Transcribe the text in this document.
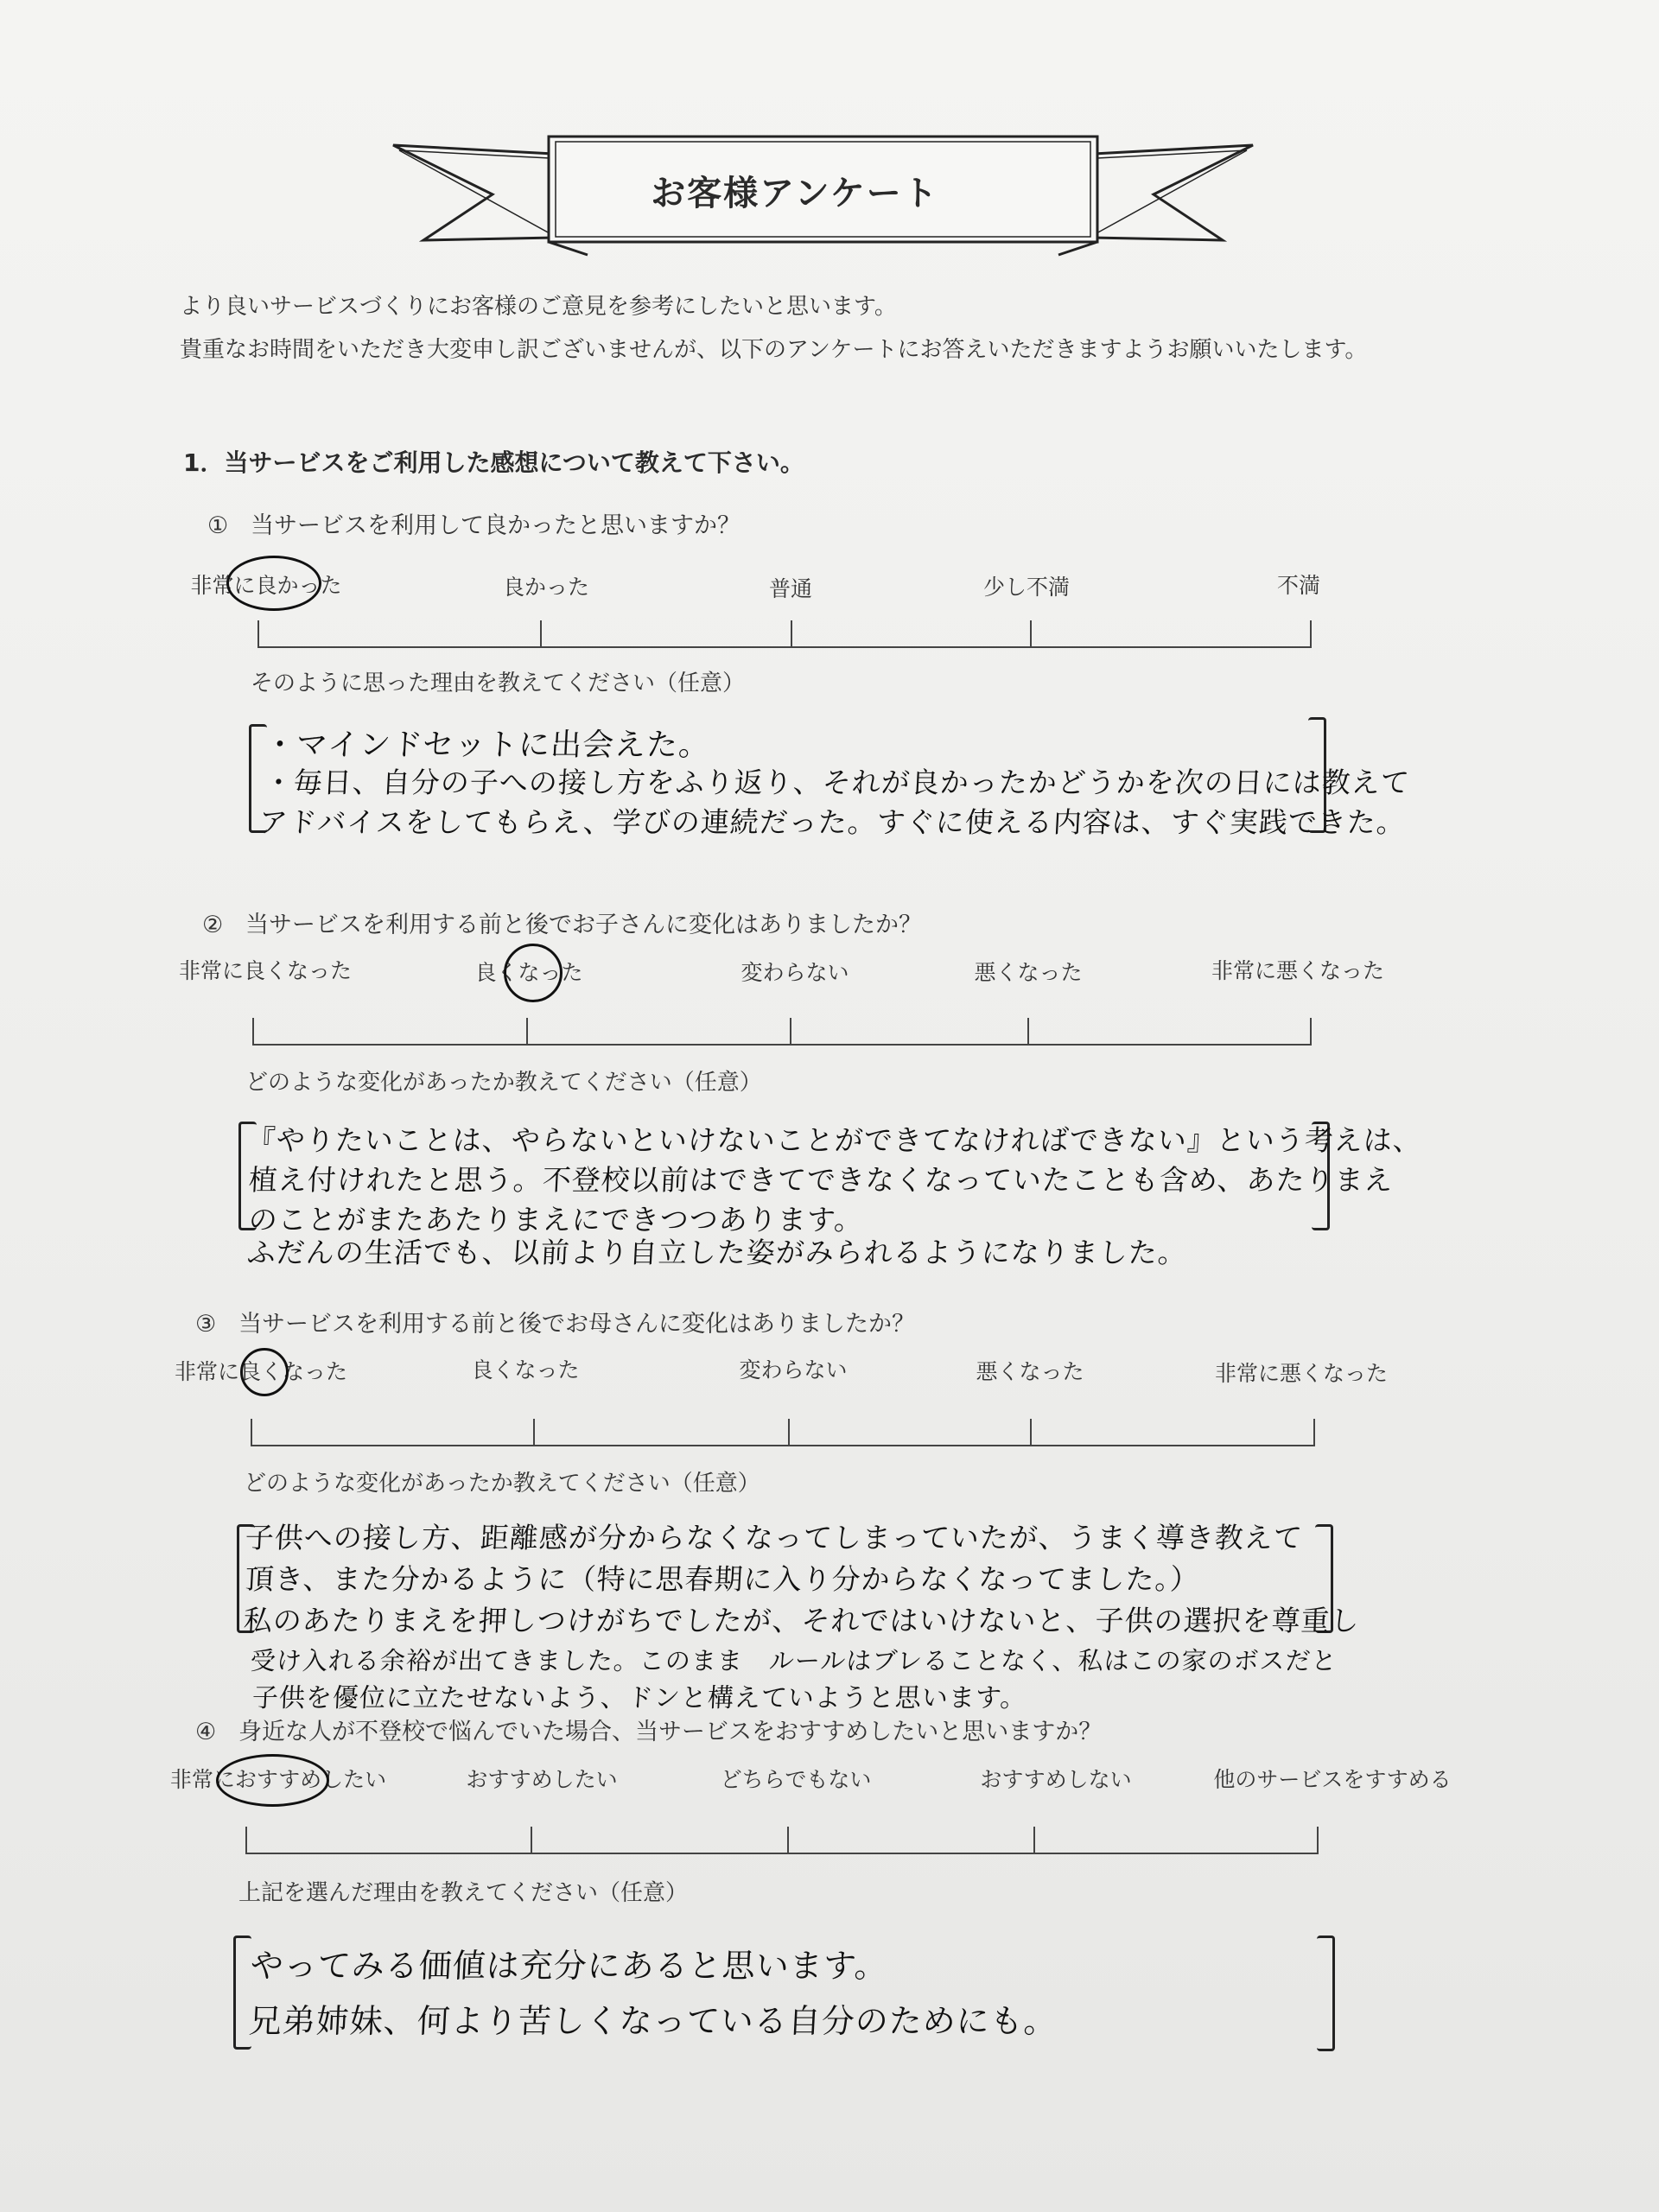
お客様アンケート
より良いサービスづくりにお客様のご意見を参考にしたいと思います。
貴重なお時間をいただき大変申し訳ございませんが、以下のアンケートにお答えいただきますようお願いいたします。
1．当サービスをご利用した感想について教えて下さい。
① 当サービスを利用して良かったと思いますか？
非常に良かった	良かった	普通	少し不満	不満
そのように思った理由を教えてください（任意）
・マインドセットに出会えた。
・毎日、自分の子への接し方をふり返り、それが良かったかどうかを次の日には教えて
アドバイスをしてもらえ、学びの連続だった。すぐに使える内容は、すぐ実践できた。
② 当サービスを利用する前と後でお子さんに変化はありましたか？
非常に良くなった	良くなった	変わらない	悪くなった	非常に悪くなった
どのような変化があったか教えてください（任意）
『やりたいことは、やらないといけないことができてなければできない』という考えは、
植え付けれたと思う。不登校以前はできてできなくなっていたことも含め、あたりまえ
のことがまたあたりまえにできつつあります。
ふだんの生活でも、以前より自立した姿がみられるようになりました。
③ 当サービスを利用する前と後でお母さんに変化はありましたか？
非常に良くなった	良くなった	変わらない	悪くなった	非常に悪くなった
どのような変化があったか教えてください（任意）
子供への接し方、距離感が分からなくなってしまっていたが、うまく導き教えて
頂き、また分かるように（特に思春期に入り分からなくなってました。）
私のあたりまえを押しつけがちでしたが、それではいけないと、子供の選択を尊重し
受け入れる余裕が出てきました。このまま　ルールはブレることなく、私はこの家のボスだと
子供を優位に立たせないよう、ドンと構えていようと思います。
④ 身近な人が不登校で悩んでいた場合、当サービスをおすすめしたいと思いますか？
非常におすすめしたい	おすすめしたい	どちらでもない	おすすめしない	他のサービスをすすめる
上記を選んだ理由を教えてください（任意）
やってみる価値は充分にあると思います。
兄弟姉妹、何より苦しくなっている自分のためにも。
